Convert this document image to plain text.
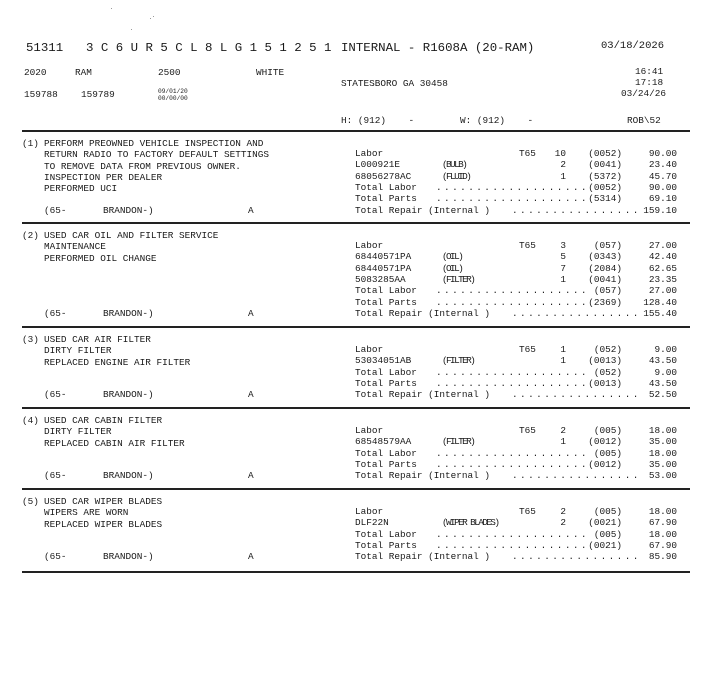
51311 3 C 6 U R 5 C L 8 L G 1 5 1 2 5 1 INTERNAL - R1608A (20-RAM)	03/18/2026
2020	RAM	2500	WHITE	16:41
17:18
STATESBORO GA 30458
03/24/26
159788 159789	09/01/20
00/00/00
H: (912)    -	W: (912)    -	ROB\52
(1) PERFORM PREOWNED VEHICLE INSPECTION AND
RETURN RADIO TO FACTORY DEFAULT SETTINGS
TO REMOVE DATA FROM PREVIOUS OWNER.
INSPECTION PER DEALER
PERFORMED UCI
Labor	T65	10	(0052)	90.00
L000921E	(BULB)	2	(0041)	23.40
68056278AC	(FLUID)	1	(5372)	45.70
Total Labor . . . . . . . . . . . . . . . . . . . (0052)	90.00
Total Parts . . . . . . . . . . . . . . . . . . . (5314)	69.10
Total Repair (Internal ) . . . . . . . . . . . . . . . . 159.10
(65-	BRANDON-)	A
(2) USED CAR OIL AND FILTER SERVICE
MAINTENANCE
PERFORMED OIL CHANGE
Labor	T65	3	(057)	27.00
68440571PA	(OIL)	5	(0343)	42.40
68440571PA	(OIL)	7	(2084)	62.65
5083285AA	(FILTER)	1	(0041)	23.35
Total Labor . . . . . . . . . . . . . . . . . . . (057)	27.00
Total Parts . . . . . . . . . . . . . . . . . . . (2369)	128.40
Total Repair (Internal ) . . . . . . . . . . . . . . . . 155.40
(65-	BRANDON-)	A
(3) USED CAR AIR FILTER
DIRTY FILTER
REPLACED ENGINE AIR FILTER
Labor	T65	1	(052)	9.00
53034051AB	(FILTER)	1	(0013)	43.50
Total Labor . . . . . . . . . . . . . . . . . . . (052)	9.00
Total Parts . . . . . . . . . . . . . . . . . . . (0013)	43.50
Total Repair (Internal ) . . . . . . . . . . . . . . . .	52.50
(65-	BRANDON-)	A
(4) USED CAR CABIN FILTER
DIRTY FILTER
REPLACED CABIN AIR FILTER
Labor	T65	2	(005)	18.00
68548579AA	(FILTER)	1	(0012)	35.00
Total Labor . . . . . . . . . . . . . . . . . . . (005)	18.00
Total Parts . . . . . . . . . . . . . . . . . . . (0012)	35.00
Total Repair (Internal ) . . . . . . . . . . . . . . . .	53.00
(65-	BRANDON-)	A
(5) USED CAR WIPER BLADES
WIPERS ARE WORN
REPLACED WIPER BLADES
Labor	T65	2	(005)	18.00
DLF22N	(WIPER BLADES)	2	(0021)	67.90
Total Labor . . . . . . . . . . . . . . . . . . . (005)	18.00
Total Parts . . . . . . . . . . . . . . . . . . . (0021)	67.90
Total Repair (Internal ) . . . . . . . . . . . . . . . .	85.90
(65-	BRANDON-)	A
